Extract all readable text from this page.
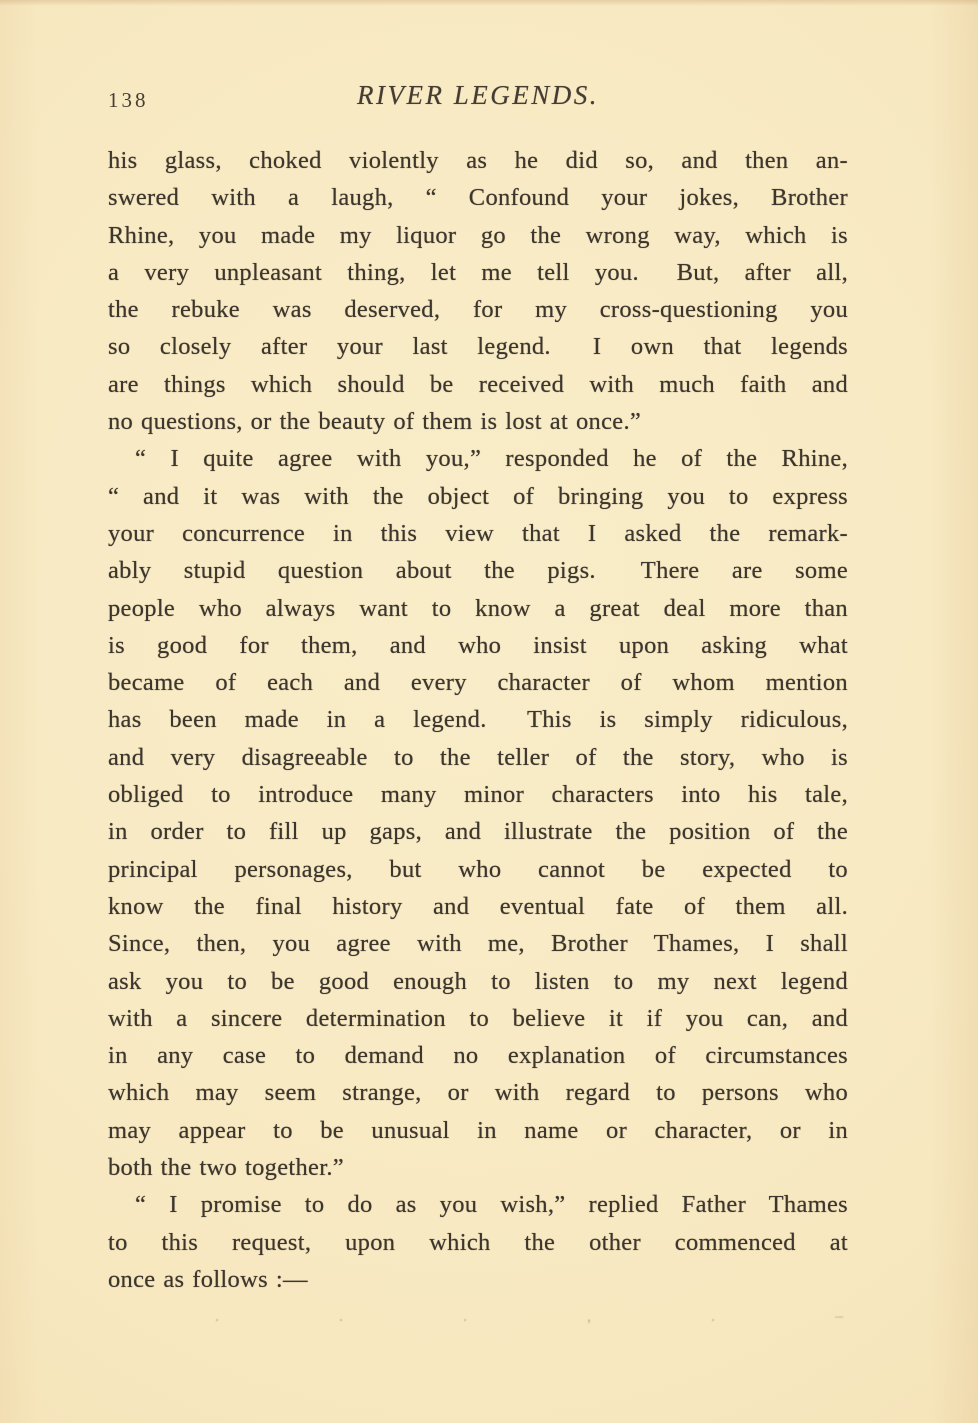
138	RIVER LEGENDS.
his glass, choked violently as he did so, and then an-
swered with a laugh, “ Confound your jokes, Brother
Rhine, you made my liquor go the wrong way, which is
a very unpleasant thing, let me tell you.  But, after all,
the rebuke was deserved, for my cross-questioning you
so closely after your last legend.  I own that legends
are things which should be received with much faith and
no questions, or the beauty of them is lost at once.”
“ I quite agree with you,” responded he of the Rhine,
“ and it was with the object of bringing you to express
your concurrence in this view that I asked the remark-
ably stupid question about the pigs.  There are some
people who always want to know a great deal more than
is good for them, and who insist upon asking what
became of each and every character of whom mention
has been made in a legend.  This is simply ridiculous,
and very disagreeable to the teller of the story, who is
obliged to introduce many minor characters into his tale,
in order to fill up gaps, and illustrate the position of the
principal personages, but who cannot be expected to
know the final history and eventual fate of them all.
Since, then, you agree with me, Brother Thames, I shall
ask you to be good enough to listen to my next legend
with a sincere determination to believe it if you can, and
in any case to demand no explanation of circumstances
which may seem strange, or with regard to persons who
may appear to be unusual in name or character, or in
both the two together.”
“ I promise to do as you wish,” replied Father Thames
to this request, upon which the other commenced at
once as follows :—
.	.	.	,	.	–
